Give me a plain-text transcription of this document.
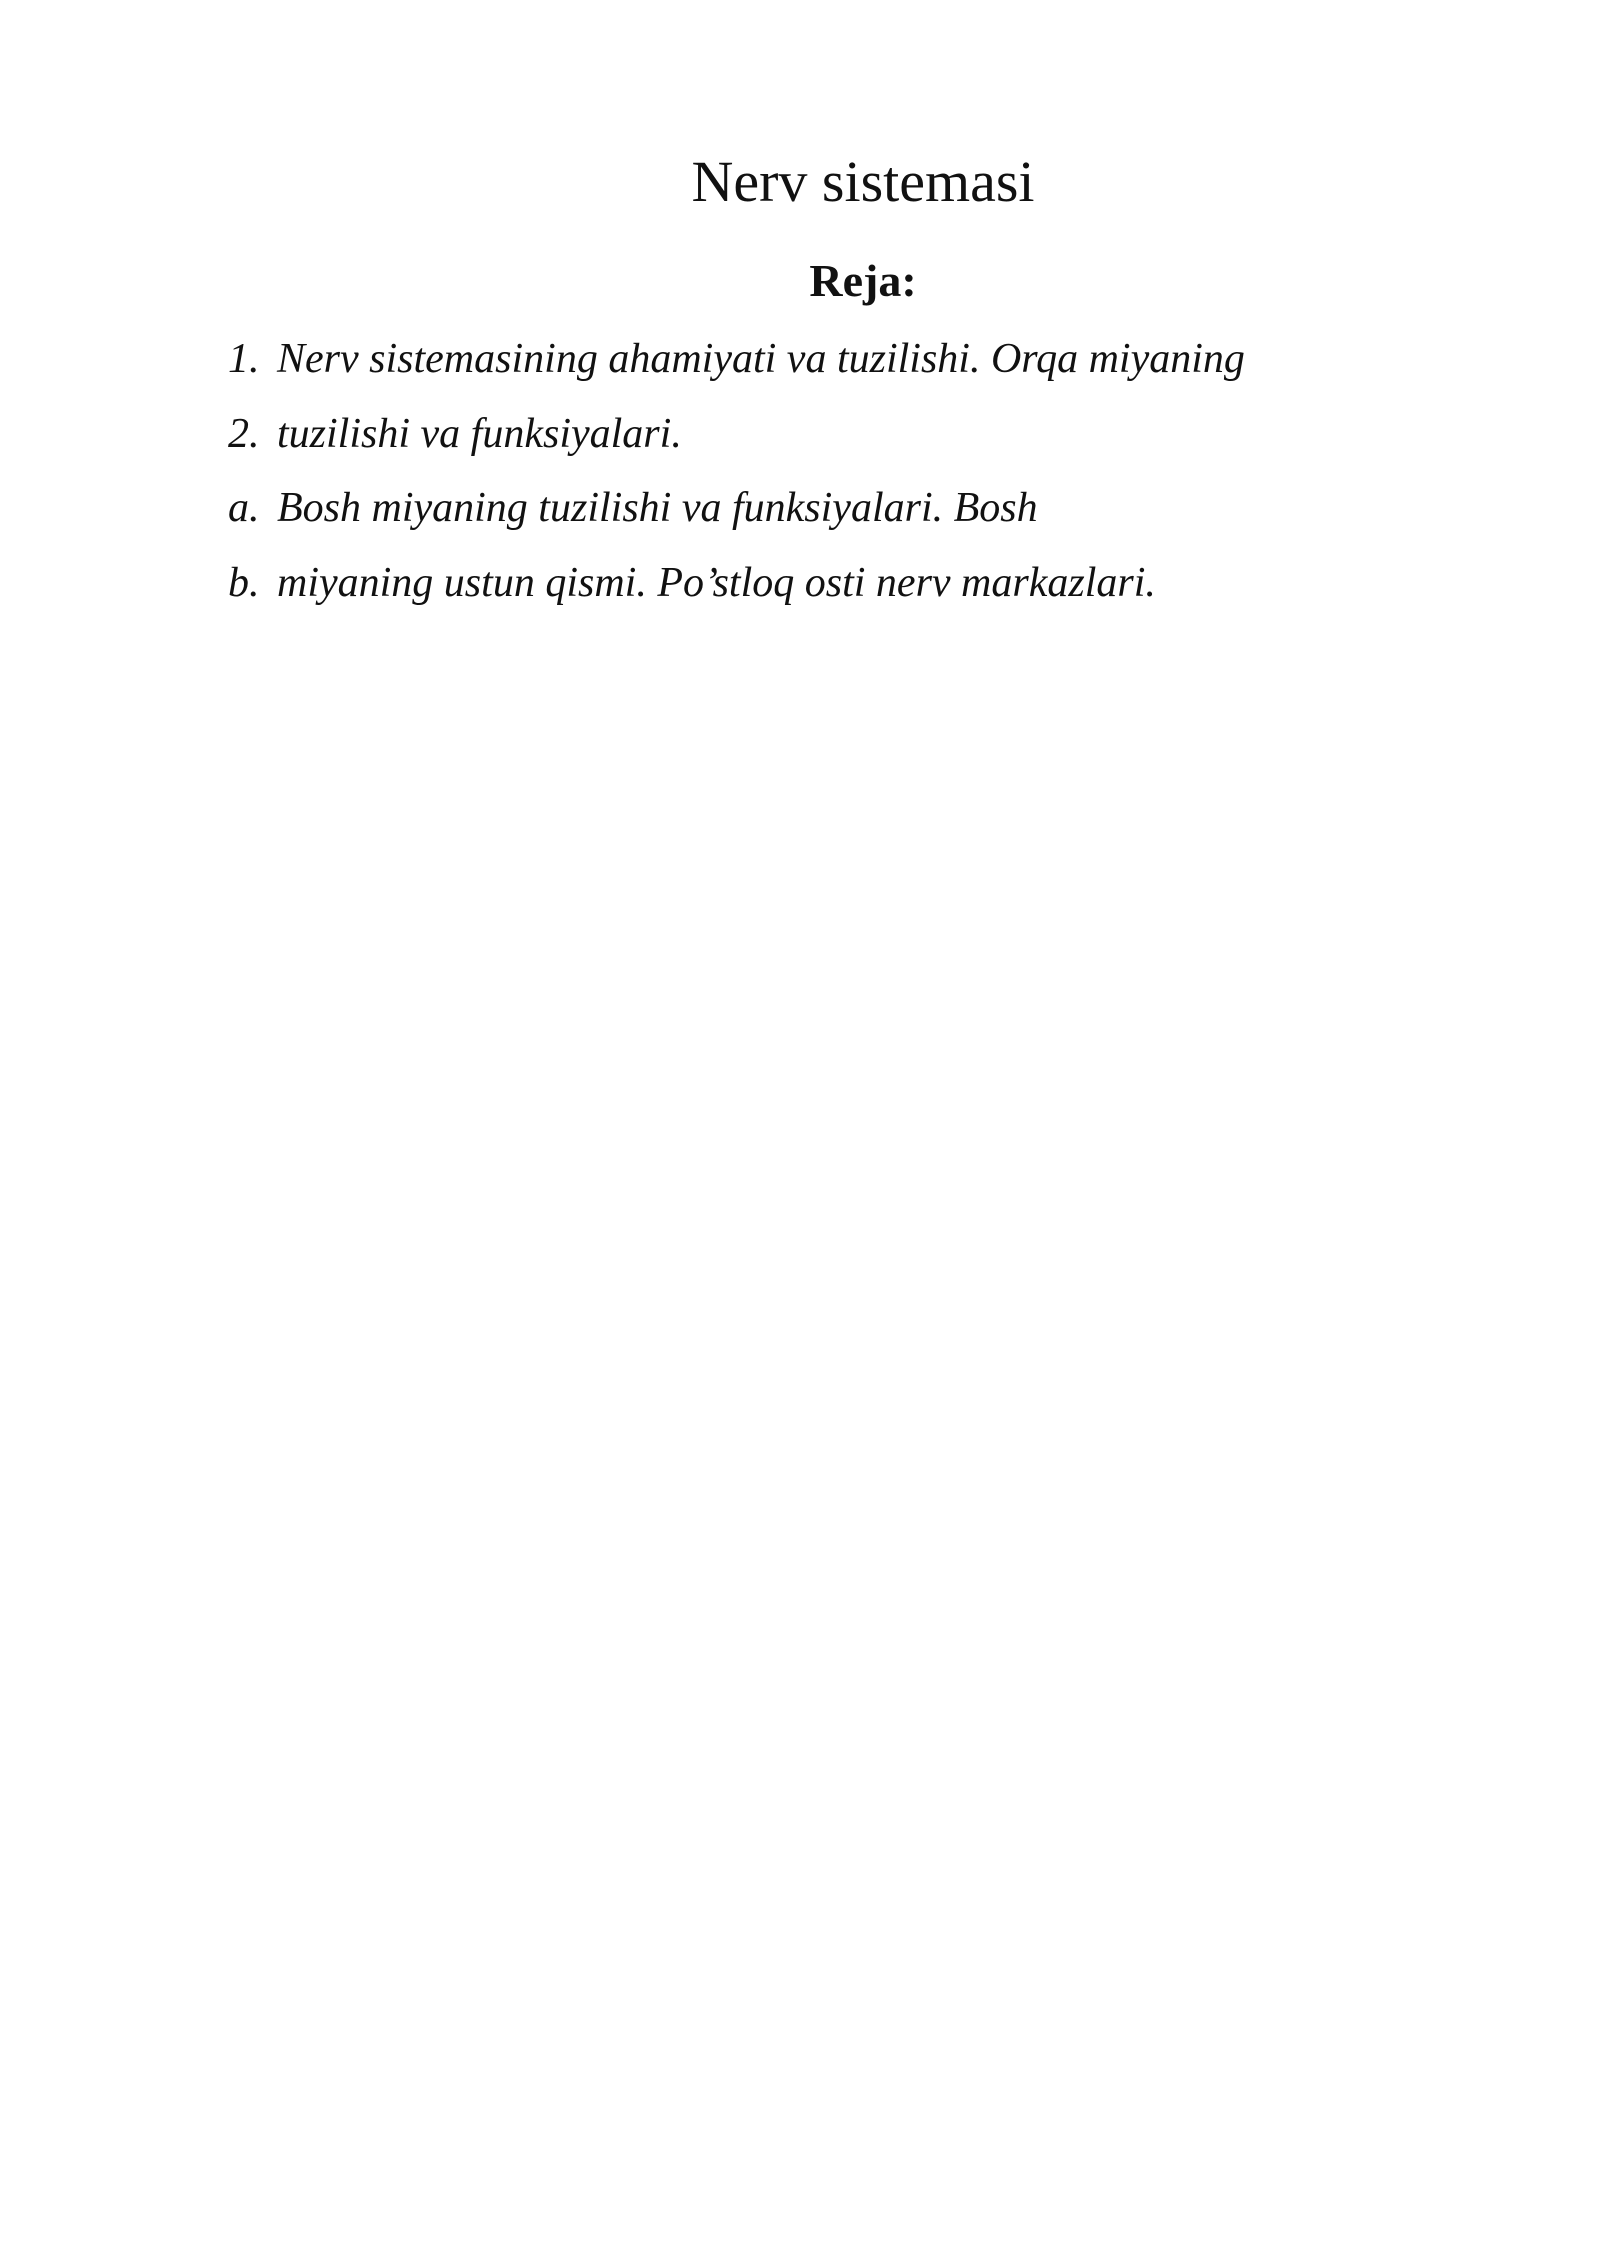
Nerv sistemasi
Reja:
1. Nerv sistemasining ahamiyati va tuzilishi. Orqa miyaning
2. tuzilishi va funksiyalari.
a. Bosh miyaning tuzilishi va funksiyalari. Bosh
b. miyaning ustun qismi. Po’stloq osti nerv markazlari.
